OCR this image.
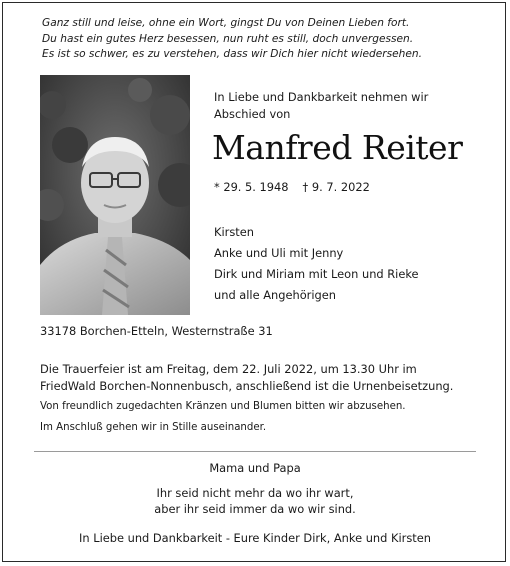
Ganz still und leise, ohne ein Wort, gingst Du von Deinen Lieben fort.
Du hast ein gutes Herz besessen, nun ruht es still, doch unvergessen.
Es ist so schwer, es zu verstehen, dass wir Dich hier nicht wiedersehen.
In Liebe und Dankbarkeit nehmen wir
Abschied von
Manfred Reiter
* 29. 5. 1948 † 9. 7. 2022
Kirsten
Anke und Uli mit Jenny
Dirk und Miriam mit Leon und Rieke
und alle Angehörigen
33178 Borchen-Etteln, Westernstraße 31
Die Trauerfeier ist am Freitag, dem 22. Juli 2022, um 13.30 Uhr im
FriedWald Borchen-Nonnenbusch, anschließend ist die Urnenbeisetzung.
Von freundlich zugedachten Kränzen und Blumen bitten wir abzusehen.
Im Anschluß gehen wir in Stille auseinander.
Mama und Papa
Ihr seid nicht mehr da wo ihr wart,
aber ihr seid immer da wo wir sind.
In Liebe und Dankbarkeit - Eure Kinder Dirk, Anke und Kirsten
